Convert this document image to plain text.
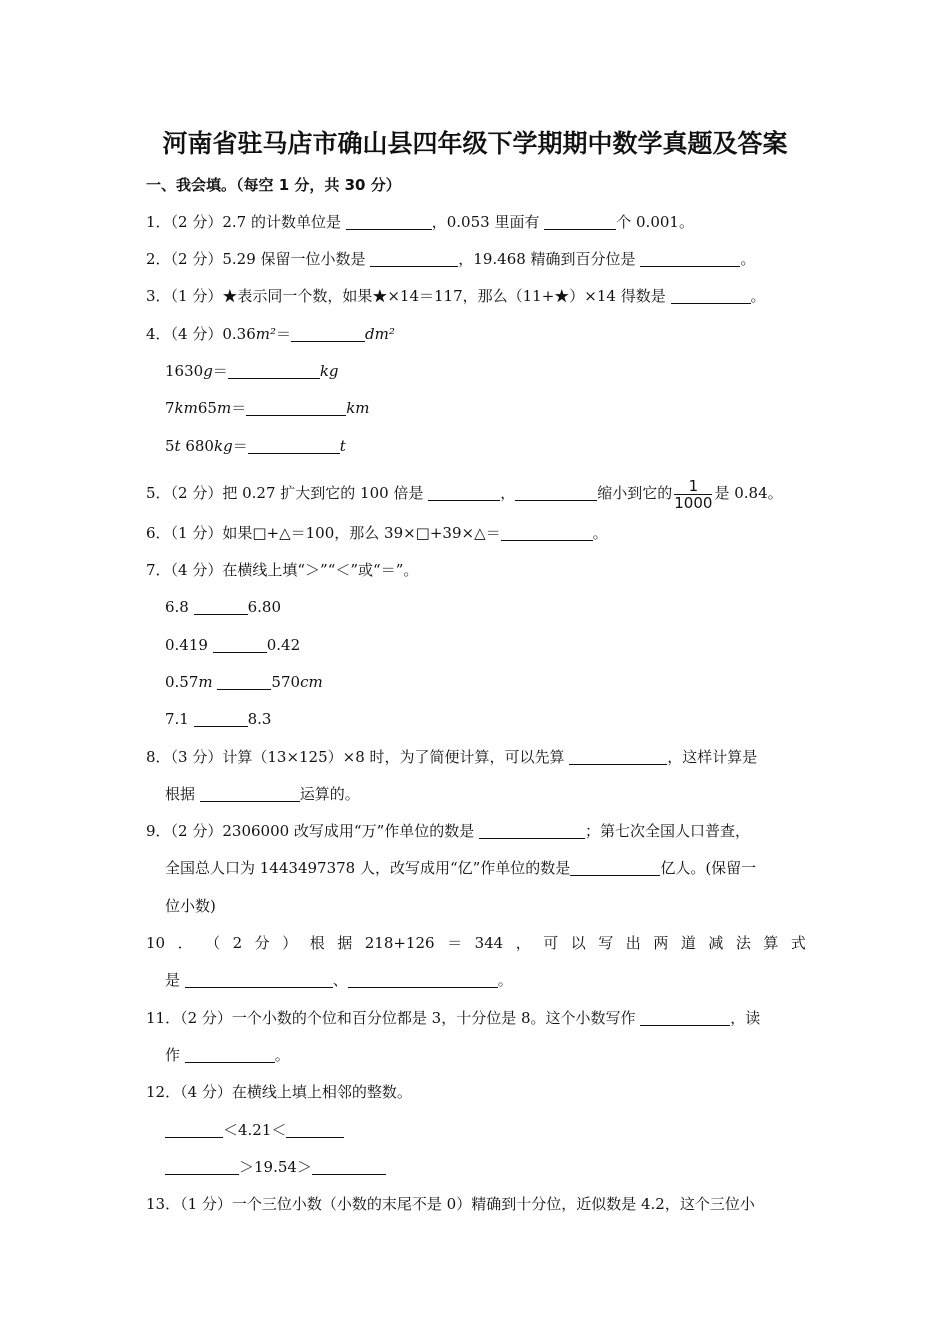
河南省驻马店市确山县四年级下学期期中数学真题及答案
一、我会填。（每空 1 分，共 30 分）
1．（2 分）2.7 的计数单位是	，0.053 里面有	个 0.001。
2．（2 分）5.29 保留一位小数是	，19.468 精确到百分位是	。
3．（1 分）★表示同一个数，如果★×14＝117，那么（11+★）×14 得数是	。
4．（4 分）0.36m²＝	dm²
1630g＝	kg
7km65m＝	km
5t 680kg＝	t
5．（2 分）把 0.27 扩大到它的 100 倍是	，	缩小到它的 $\frac{1}{1000}$ 是 0.84。
6．（1 分）如果□+△＝100，那么 39×□+39×△＝	。
7．（4 分）在横线上填“＞”“＜”或“＝”。
6.8	6.80
0.419	0.42
0.57m	570cm
7.1	8.3
8．（3 分）计算（13×125）×8 时，为了简便计算，可以先算	，这样计算是
根据	运算的。
9．（2 分）2306000 改写成用“万”作单位的数是	；第七次全国人口普查，
全国总人口为 1443497378 人，改写成用“亿”作单位的数是	亿人。(保留一
位小数)
10 ． （ 2 分 ） 根 据 218+126 ＝ 344 ， 可 以 写 出 两 道 减 法 算 式
是	、	。
11．（2 分）一个小数的个位和百分位都是 3，十分位是 8。这个小数写作	，读
作	。
12．（4 分）在横线上填上相邻的整数。
＜4.21＜
＞19.54＞
13．（1 分）一个三位小数（小数的末尾不是 0）精确到十分位，近似数是 4.2，这个三位小
